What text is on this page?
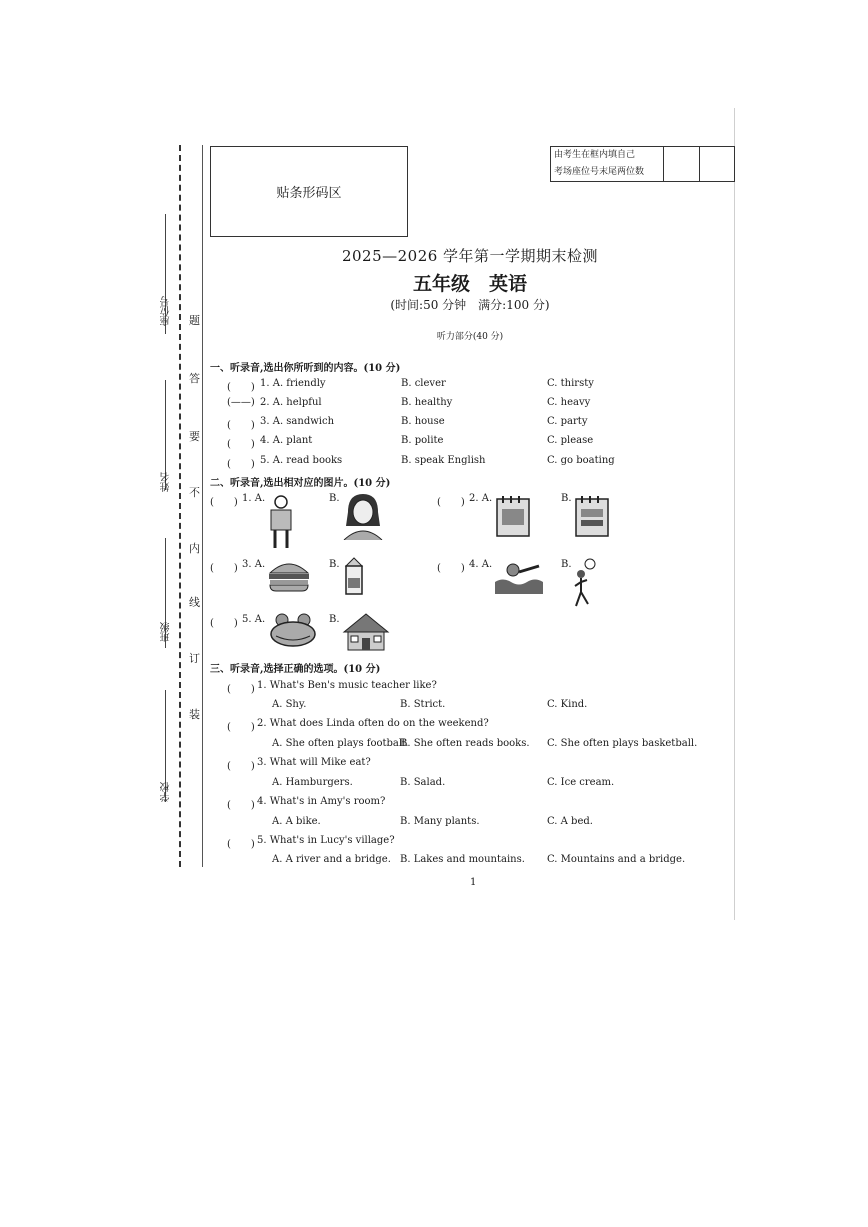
座位号
姓名
班级
学校
题
答
要
不
内
线
订
装
贴条形码区
由考生在框内填自己
考场座位号末尾两位数
2025—2026 学年第一学期期末检测
五年级　英语
(时间:50 分钟　满分:100 分)
听力部分(40 分)
一、听录音,选出你所听到的内容。(10 分)
(　　) 1. A. friendly	B. clever	C. thirsty
(——) 2. A. helpful	B. healthy	C. heavy
(　　) 3. A. sandwich	B. house	C. party
(　　) 4. A. plant	B. polite	C. please
(　　) 5. A. read books	B. speak English	C. go boating
二、听录音,选出相对应的图片。(10 分)
(　　) 1. A.	B.	(　　) 2. A.	B.
(　　) 3. A.	B.	(　　) 4. A.	B.
(　　) 5. A.	B.
三、听录音,选择正确的选项。(10 分)
(　　) 1. What's Ben's music teacher like?
A. Shy.	B. Strict.	C. Kind.
(　　) 2. What does Linda often do on the weekend?
A. She often plays football.
B. She often reads books. C. She often plays basketball.
(　　) 3. What will Mike eat?
A. Hamburgers.	B. Salad.	C. Ice cream.
(　　) 4. What's in Amy's room?
A. A bike.	B. Many plants.	C. A bed.
(　　) 5. What's in Lucy's village?
A. A river and a bridge. B. Lakes and mountains. C. Mountains and a bridge.
1
